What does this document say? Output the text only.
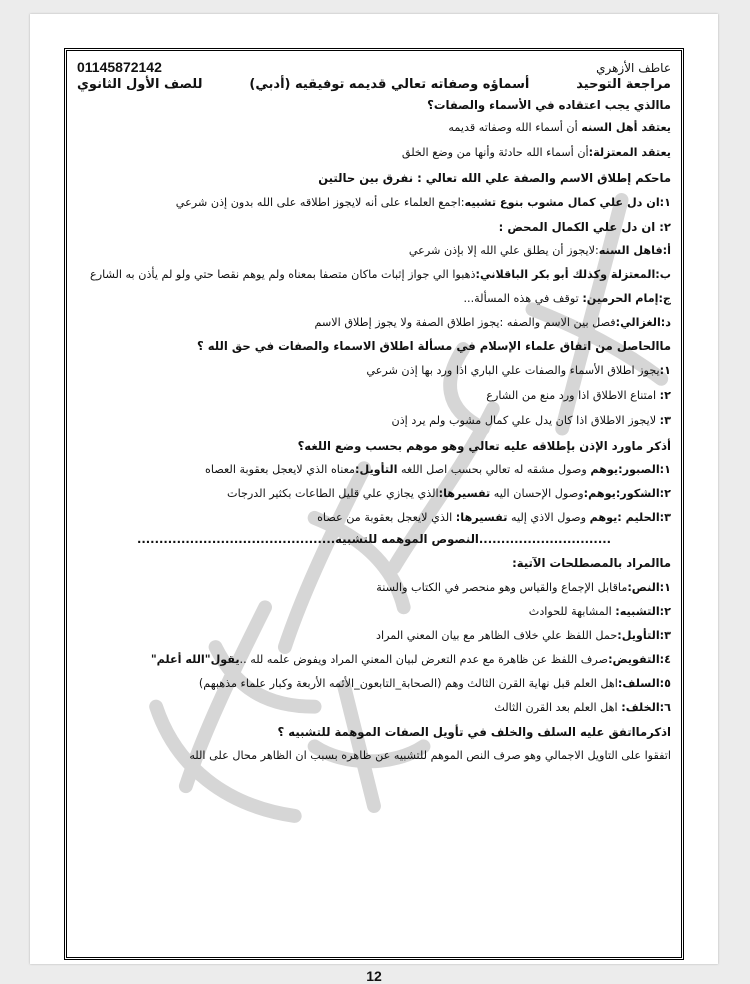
01145872142	عاطف الأزهري
للصف الأول الثانوي	أسماؤه وصفاته تعالي قديمه توفيقيه (أدبي)	مراجعة التوحيد
ماالذي يجب اعتقاده في الأسماء والصفات؟
يعتقد أهل السنه أن أسماء الله وصفاته قديمه
يعتقد المعتزلة:أن أسماء الله حادثة وأنها من وضع الخلق
ماحكم إطلاق الاسم والصفة علي الله تعالي : نفرق بين حالتين
١:ان دل علي كمال مشوب بنوع تشبيه:اجمع العلماء على أنه لايجوز اطلاقه على الله بدون إذن شرعي
٢: ان دل علي الكمال المحض :
أ:فاهل السنه:لايجوز أن يطلق علي الله إلا بإذن شرعي
ب:المعتزلة وكذلك أبو بكر الباقلاني:ذهبوا الي جواز إثبات ماكان متصفا بمعناه ولم يوهم نقصا حتي ولو لم يأذن به الشارع
ج:إمام الحرمين: توقف في هذه المسألة...
د:الغزالي:فصل بين الاسم والصفه :يجوز اطلاق الصفة ولا يجوز إطلاق الاسم
ماالحاصل من اتفاق علماء الإسلام في مسألة اطلاق الاسماء والصفات في حق الله ؟
١:يجوز اطلاق الأسماء والصفات علي الباري اذا ورد بها إذن شرعي
٢: امتناع الاطلاق اذا ورد منع من الشارع
٣: لايجوز الاطلاق اذا كان يدل علي كمال مشوب ولم يرد إذن
أذكر ماورد الإذن بإطلاقه عليه تعالي وهو موهم بحسب وضع اللغه؟
١:الصبور:يوهم وصول مشقه له تعالي بحسب اصل اللغه التأويل:معناه الذي لايعجل بعقوبة العصاه
٢:الشكور:يوهم:وصول الإحسان اليه تفسيرها:الذي يجازي علي قليل الطاعات بكثير الدرجات
٣:الحليم :يوهم وصول الاذي إليه تفسيرها: الذي لايعجل بعقوبة من عصاه
..............................النصوص الموهمه للتشبيه.............................................
ماالمراد بالمصطلحات الآتية:
١:النص:ماقابل الإجماع والقياس وهو منحصر في الكتاب والسنة
٢:التشبيه: المشابهة للحوادث
٣:التأويل:حمل اللفظ علي خلاف الظاهر مع بيان المعني المراد
٤:التفويض:صرف اللفظ عن ظاهرة مع عدم التعرض لبيان المعني المراد ويفوض علمه لله ..يقول"الله أعلم"
٥:السلف:اهل العلم قبل نهاية القرن الثالث وهم (الصحابة_التابعون_الأئمه الأربعة وكبار علماء مذهبهم)
٦:الخلف: اهل العلم بعد القرن الثالث
اذكرمااتفق عليه السلف والخلف في تأويل الصفات الموهمة للتشبيه ؟
اتفقوا على التاويل الاجمالي وهو صرف النص الموهم للتشبيه عن ظاهره بسبب ان الظاهر محال على الله
12
